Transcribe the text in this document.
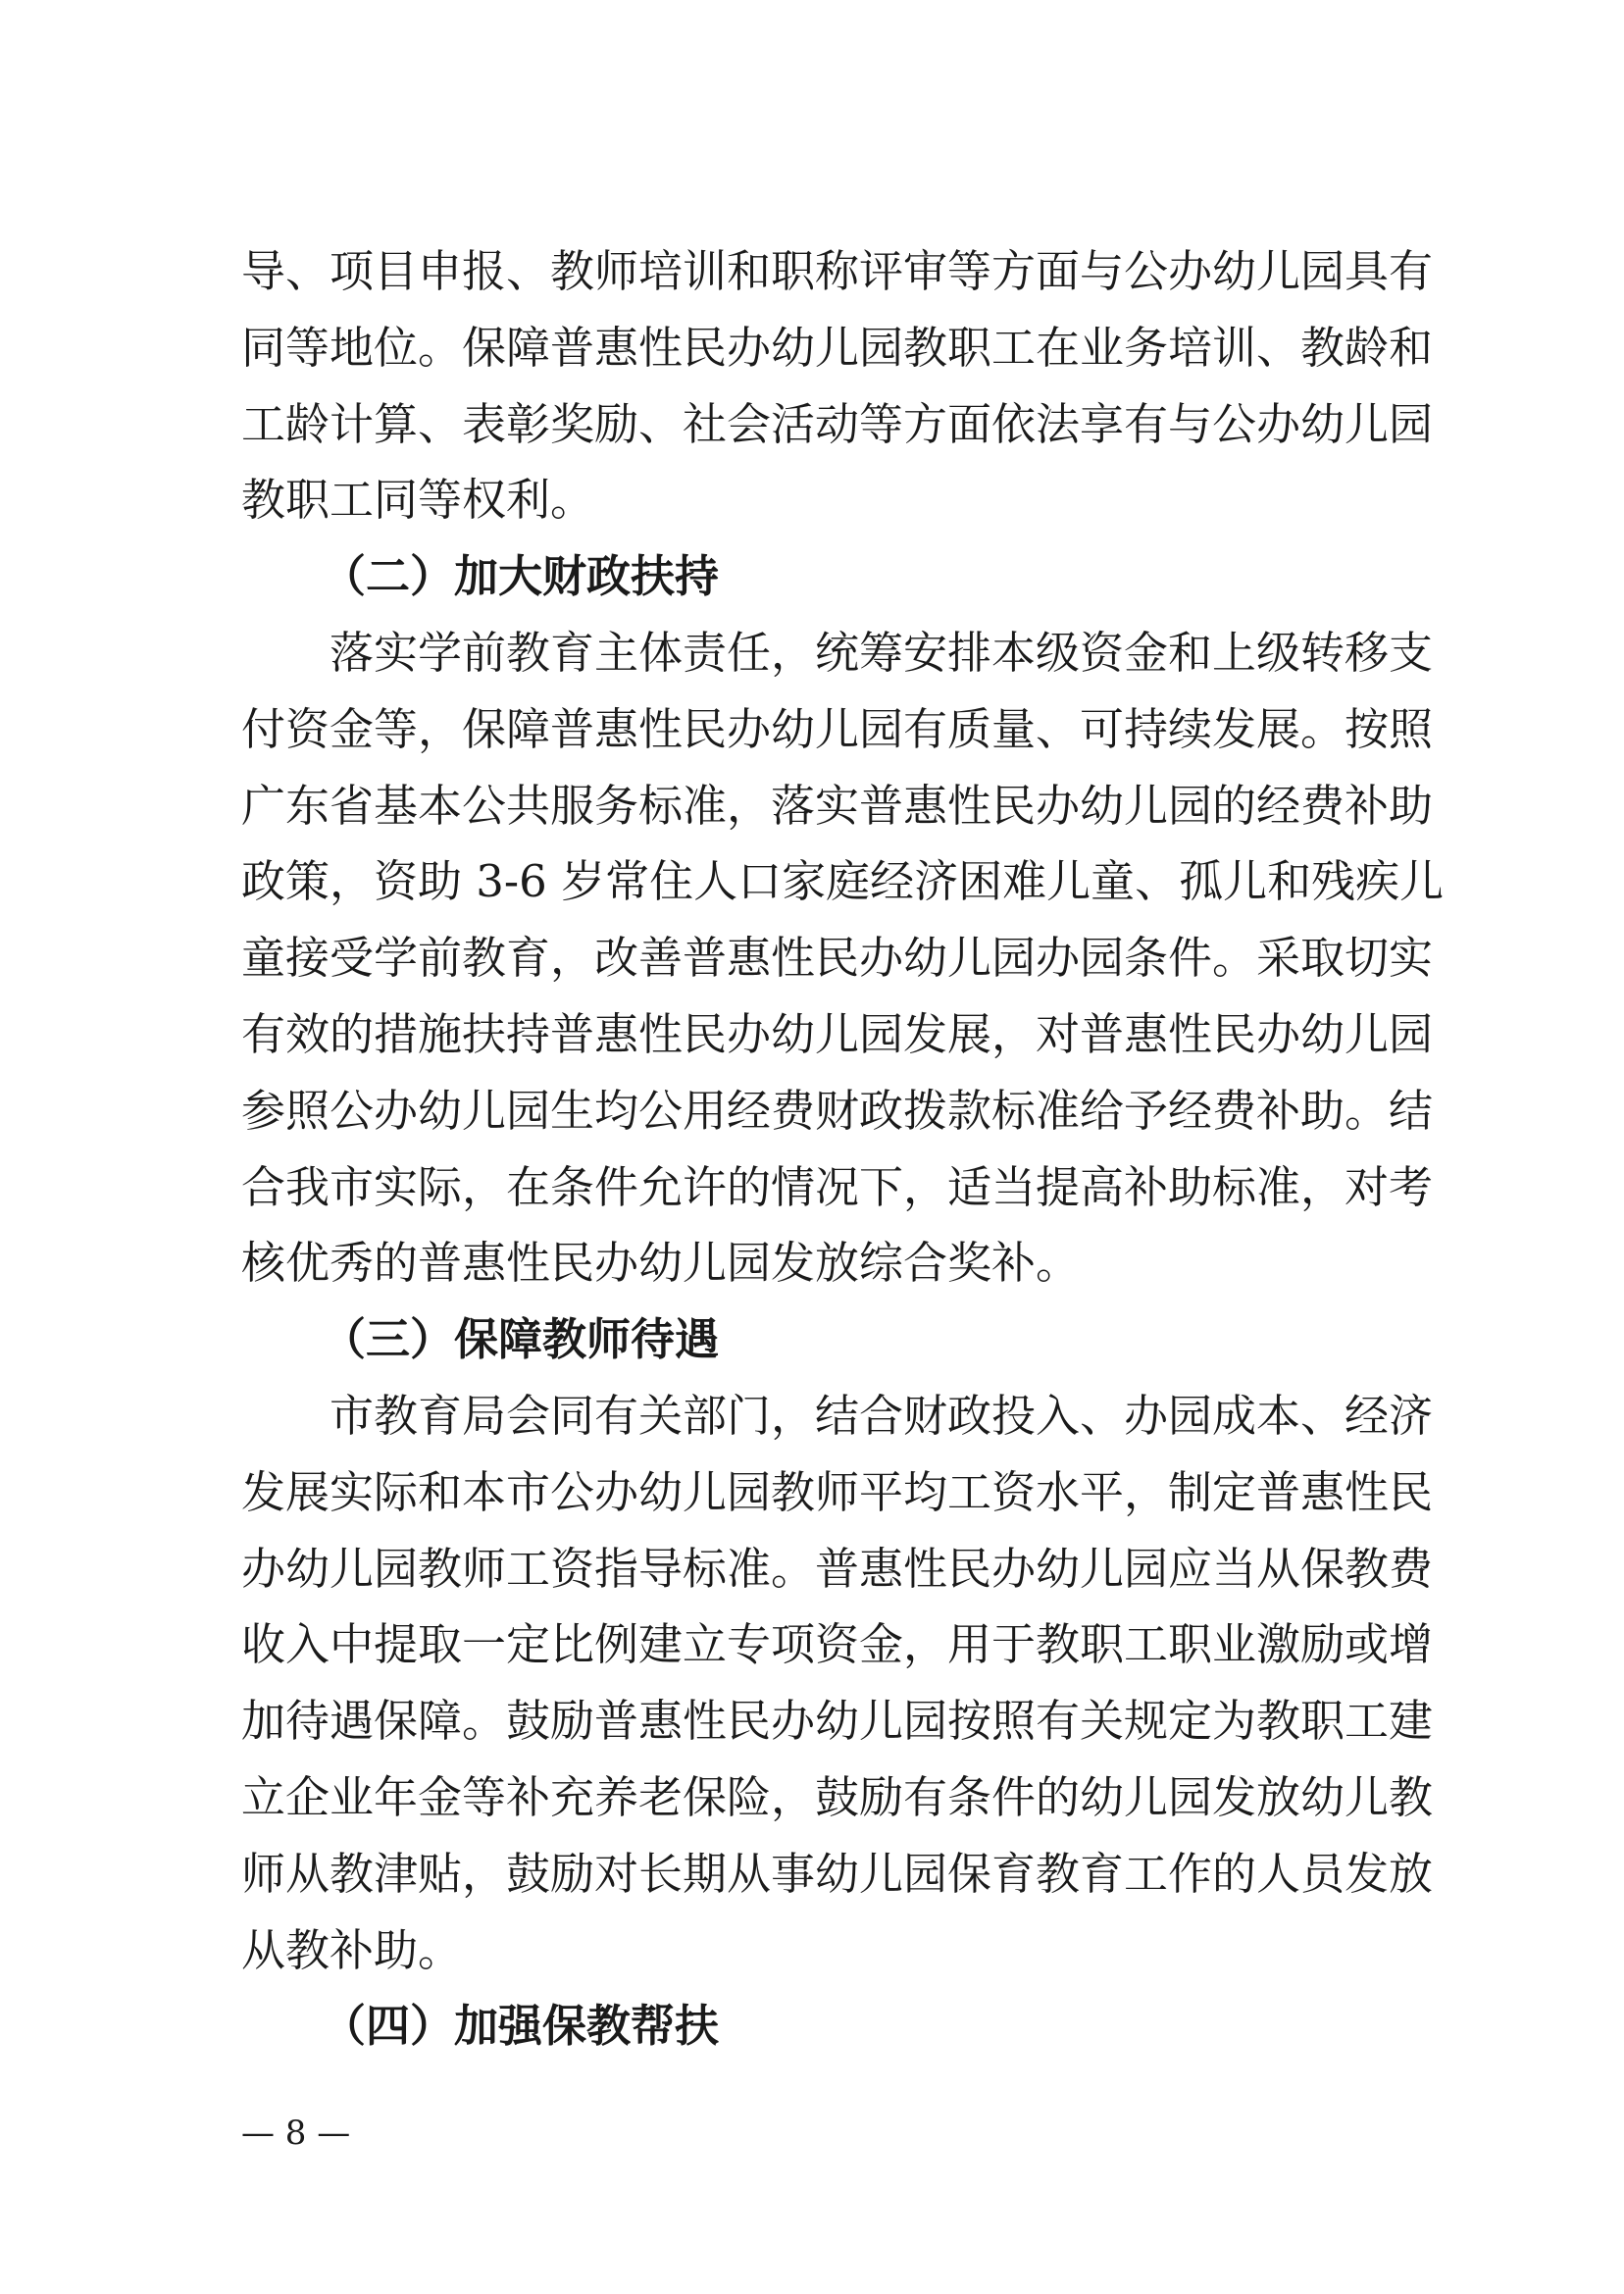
导、项目申报、教师培训和职称评审等方面与公办幼儿园具有
同等地位。保障普惠性民办幼儿园教职工在业务培训、教龄和
工龄计算、表彰奖励、社会活动等方面依法享有与公办幼儿园
教职工同等权利。
（二）加大财政扶持
落实学前教育主体责任，统筹安排本级资金和上级转移支
付资金等，保障普惠性民办幼儿园有质量、可持续发展。按照
广东省基本公共服务标准，落实普惠性民办幼儿园的经费补助
政策，资助 3-6 岁常住人口家庭经济困难儿童、孤儿和残疾儿
童接受学前教育，改善普惠性民办幼儿园办园条件。采取切实
有效的措施扶持普惠性民办幼儿园发展，对普惠性民办幼儿园
参照公办幼儿园生均公用经费财政拨款标准给予经费补助。结
合我市实际，在条件允许的情况下，适当提高补助标准，对考
核优秀的普惠性民办幼儿园发放综合奖补。
（三）保障教师待遇
市教育局会同有关部门，结合财政投入、办园成本、经济
发展实际和本市公办幼儿园教师平均工资水平，制定普惠性民
办幼儿园教师工资指导标准。普惠性民办幼儿园应当从保教费
收入中提取一定比例建立专项资金，用于教职工职业激励或增
加待遇保障。鼓励普惠性民办幼儿园按照有关规定为教职工建
立企业年金等补充养老保险，鼓励有条件的幼儿园发放幼儿教
师从教津贴，鼓励对长期从事幼儿园保育教育工作的人员发放
从教补助。
（四）加强保教帮扶
— 8 —
